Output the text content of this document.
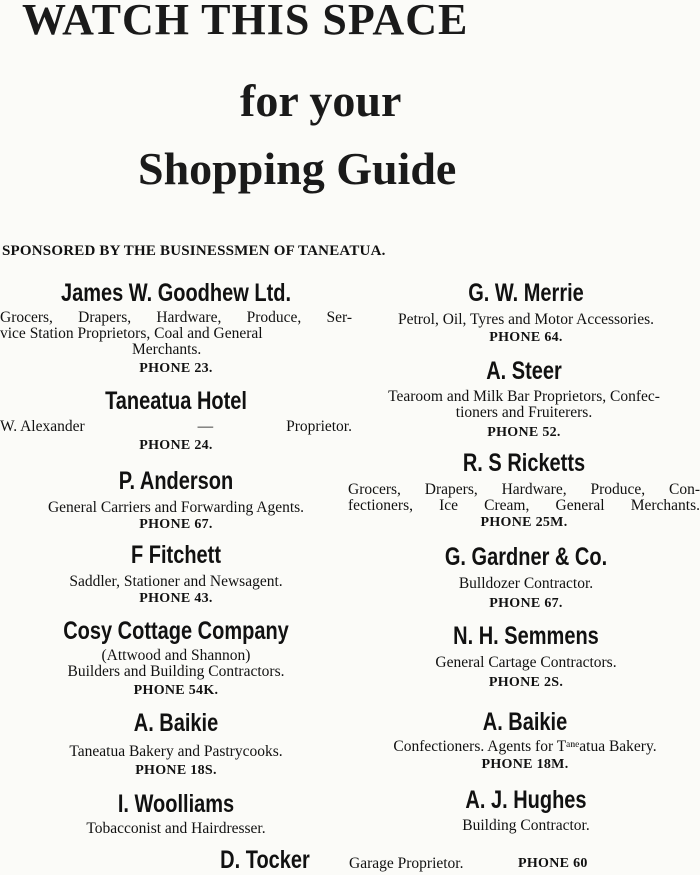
WATCH THIS SPACE
for your
Shopping Guide
SPONSORED BY THE BUSINESSMEN OF TANEATUA.
James W. Goodhew Ltd.
Grocers, Drapers, Hardware, Produce, Ser-
vice Station Proprietors, Coal and General
Merchants.
PHONE 23.
Taneatua Hotel
W. Alexander	—	Proprietor.
PHONE 24.
P. Anderson
General Carriers and Forwarding Agents.
PHONE 67.
F Fitchett
Saddler, Stationer and Newsagent.
PHONE 43.
Cosy Cottage Company
(Attwood and Shannon)
Builders and Building Contractors.
PHONE 54K.
A. Baikie
Taneatua Bakery and Pastrycooks.
PHONE 18S.
I. Woolliams
Tobacconist and Hairdresser.
D. Tocker
G. W. Merrie
Petrol, Oil, Tyres and Motor Accessories.
PHONE 64.
A. Steer
Tearoom and Milk Bar Proprietors, Confec-
tioners and Fruiterers.
PHONE 52.
R. S Ricketts
Grocers, Drapers, Hardware, Produce, Con-
fectioners, Ice Cream, General Merchants.
PHONE 25M.
G. Gardner & Co.
Bulldozer Contractor.
PHONE 67.
N. H. Semmens
General Cartage Contractors.
PHONE 2S.
A. Baikie
Confectioners. Agents for Tᵃⁿᵉatua Bakery.
PHONE 18M.
A. J. Hughes
Building Contractor.
Garage Proprietor.	PHONE 60
